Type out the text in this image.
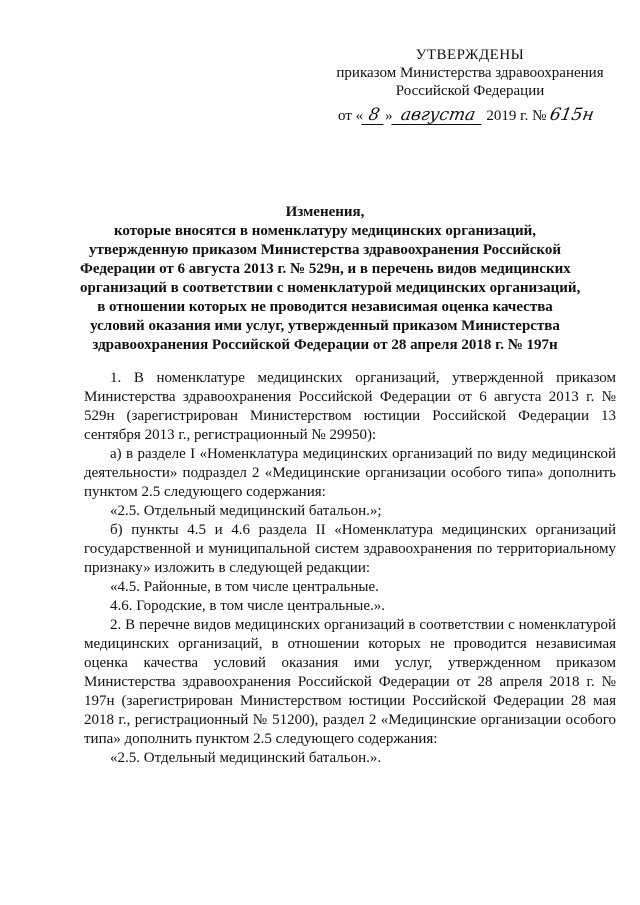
УТВЕРЖДЕНЫ
приказом Министерства здравоохранения
Российской Федерации
от « 8 » августа 2019 г. № 615н
Изменения,
которые вносятся в номенклатуру медицинских организаций,
утвержденную приказом Министерства здравоохранения Российской
Федерации от 6 августа 2013 г. № 529н, и в перечень видов медицинских
организаций в соответствии с номенклатурой медицинских организаций,
в отношении которых не проводится независимая оценка качества
условий оказания ими услуг, утвержденный приказом Министерства
здравоохранения Российской Федерации от 28 апреля 2018 г. № 197н

1. В номенклатуре медицинских организаций, утвержденной приказом Министерства здравоохранения Российской Федерации от 6 августа 2013 г. № 529н (зарегистрирован Министерством юстиции Российской Федерации 13 сентября 2013 г., регистрационный № 29950):

а) в разделе I «Номенклатура медицинских организаций по виду медицинской деятельности» подраздел 2 «Медицинские организации особого типа» дополнить пунктом 2.5 следующего содержания:

«2.5. Отдельный медицинский батальон.»;

б) пункты 4.5 и 4.6 раздела II «Номенклатура медицинских организаций государственной и муниципальной систем здравоохранения по территориальному признаку» изложить в следующей редакции:

«4.5. Районные, в том числе центральные.

4.6. Городские, в том числе центральные.».

2. В перечне видов медицинских организаций в соответствии с номенклатурой медицинских организаций, в отношении которых не проводится независимая оценка качества условий оказания ими услуг, утвержденном приказом Министерства здравоохранения Российской Федерации от 28 апреля 2018 г. № 197н (зарегистрирован Министерством юстиции Российской Федерации 28 мая 2018 г., регистрационный № 51200), раздел 2 «Медицинские организации особого типа» дополнить пунктом 2.5 следующего содержания:

«2.5. Отдельный медицинский батальон.».
